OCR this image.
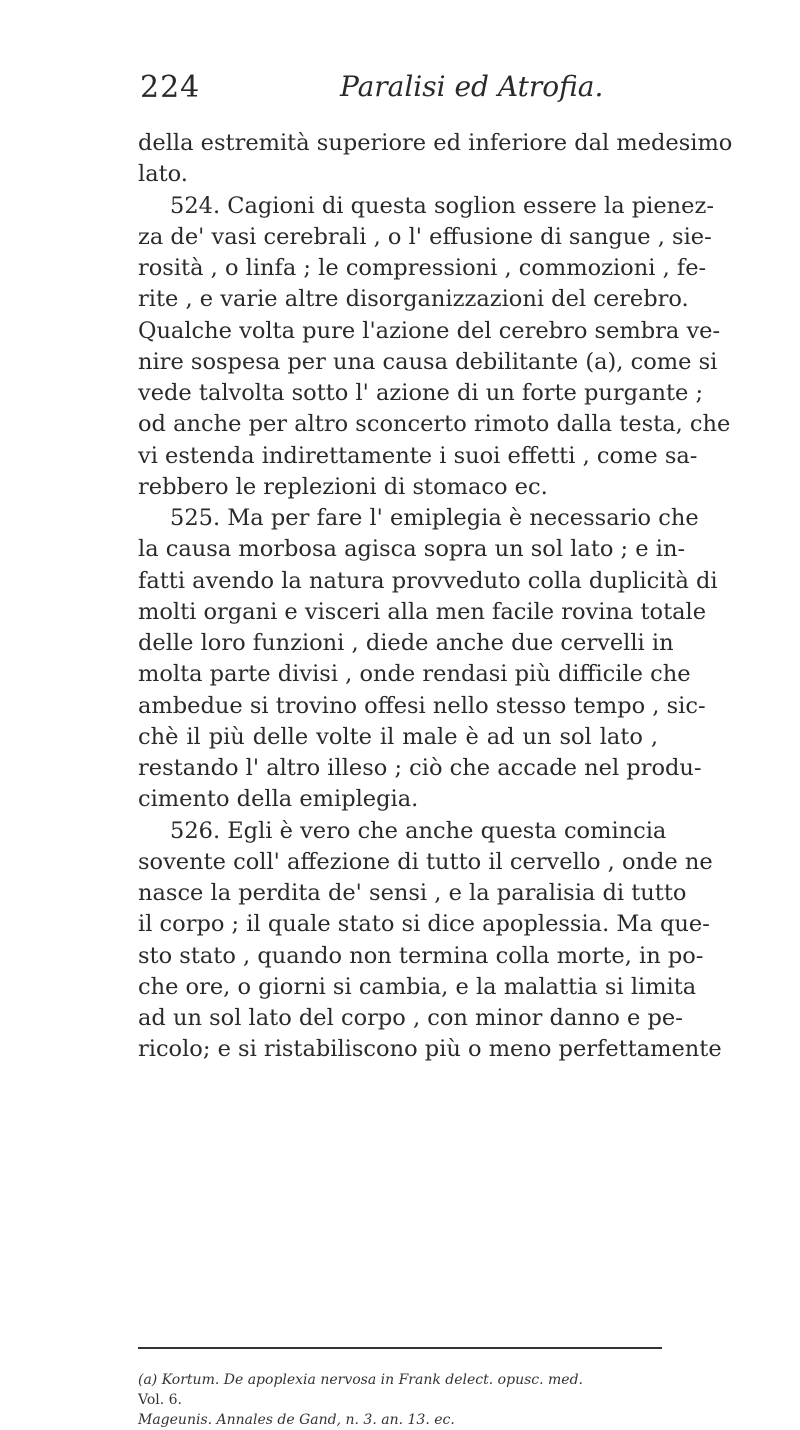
224	Paralisi ed Atrofia.
della estremità superiore ed inferiore dal medesimo
lato.
524. Cagioni di questa soglion essere la pienez-
za de' vasi cerebrali , o l' effusione di sangue , sie-
rosità , o linfa ; le compressioni , commozioni , fe-
rite , e varie altre disorganizzazioni del cerebro.
Qualche volta pure l'azione del cerebro sembra ve-
nire sospesa per una causa debilitante (a), come si
vede talvolta sotto l' azione di un forte purgante ;
od anche per altro sconcerto rimoto dalla testa, che
vi estenda indirettamente i suoi effetti , come sa-
rebbero le replezioni di stomaco ec.
525. Ma per fare l' emiplegia è necessario che
la causa morbosa agisca sopra un sol lato ; e in-
fatti avendo la natura provveduto colla duplicità di
molti organi e visceri alla men facile rovina totale
delle loro funzioni , diede anche due cervelli in
molta parte divisi , onde rendasi più difficile che
ambedue si trovino offesi nello stesso tempo , sic-
chè il più delle volte il male è ad un sol lato ,
restando l' altro illeso ; ciò che accade nel produ-
cimento della emiplegia.
526. Egli è vero che anche questa comincia
sovente coll' affezione di tutto il cervello , onde ne
nasce la perdita de' sensi , e la paralisia di tutto
il corpo ; il quale stato si dice apoplessia. Ma que-
sto stato , quando non termina colla morte, in po-
che ore, o giorni si cambia, e la malattia si limita
ad un sol lato del corpo , con minor danno e pe-
ricolo; e si ristabiliscono più o meno perfettamente
(a) Kortum. De apoplexia nervosa in Frank delect. opusc. med.
Vol. 6.
Mageunis. Annales de Gand, n. 3. an. 13. ec.
